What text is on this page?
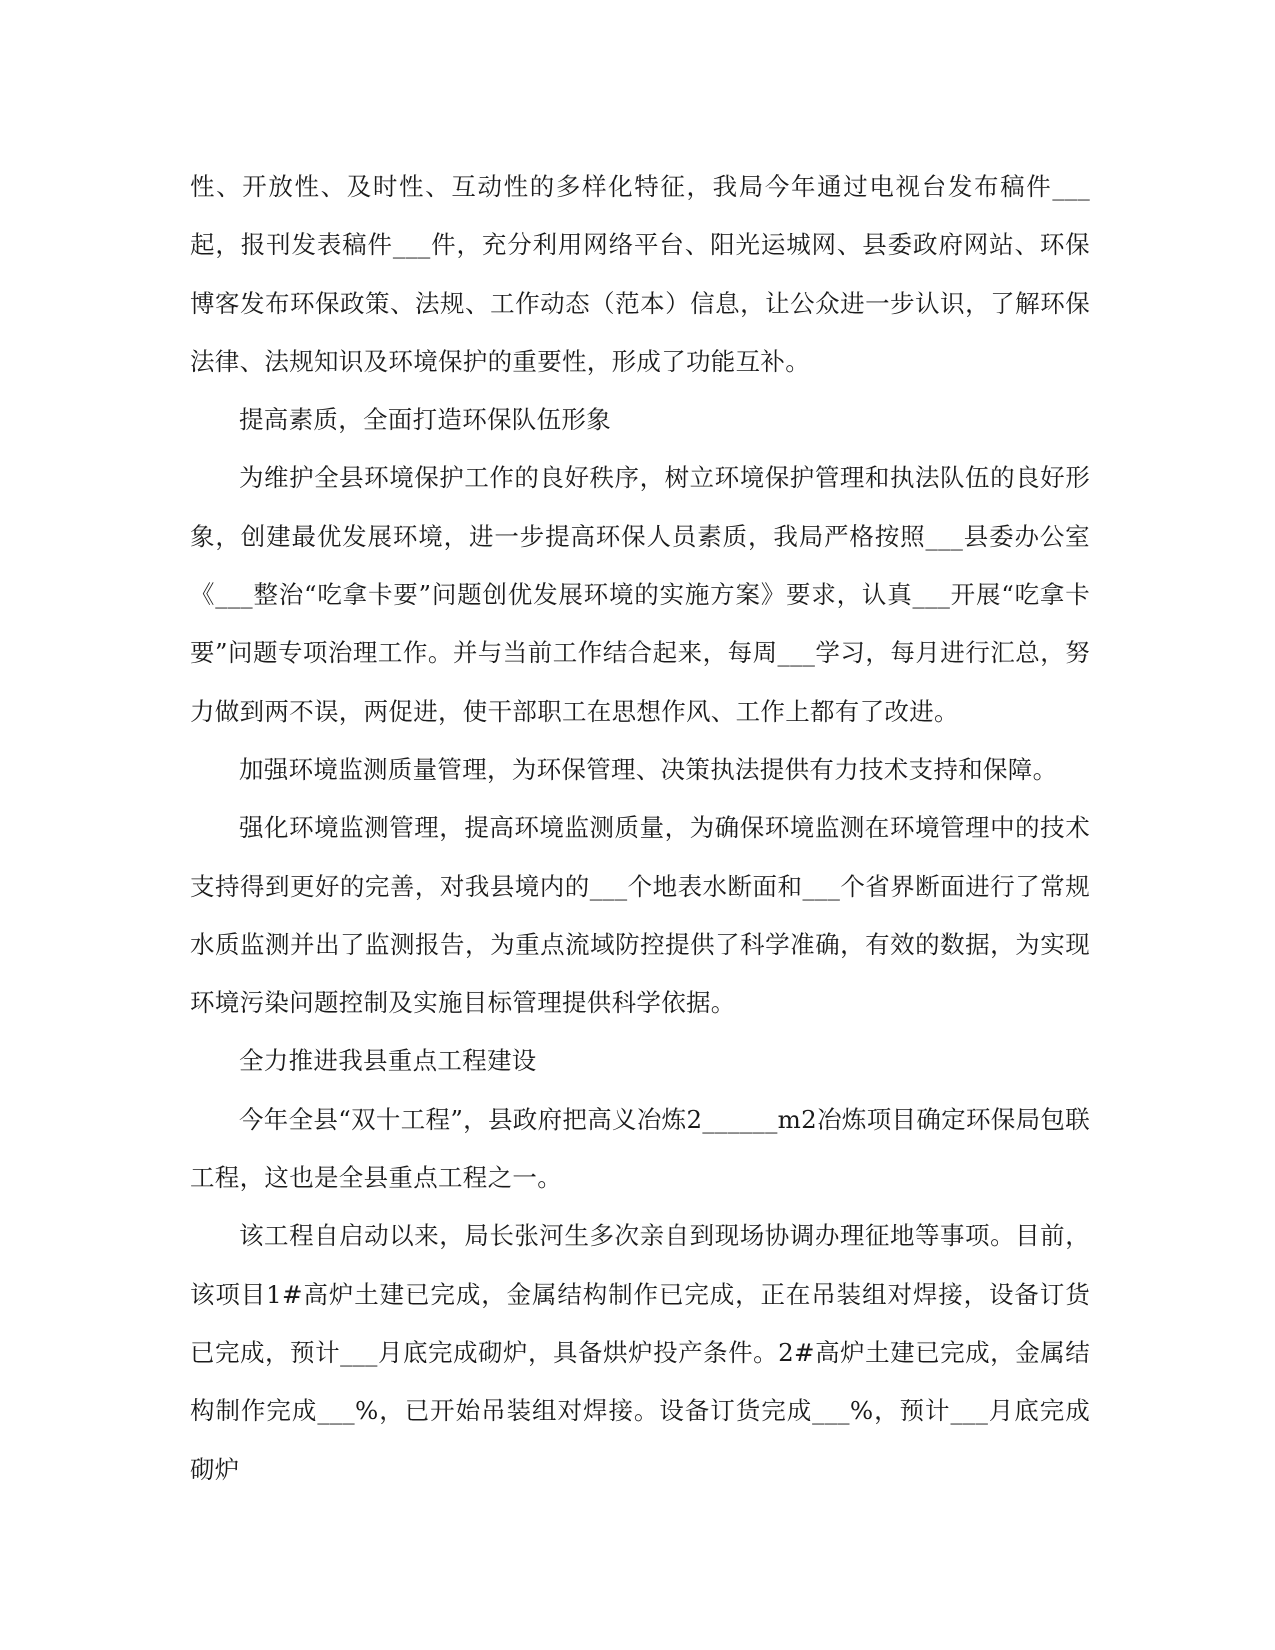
性、开放性、及时性、互动性的多样化特征，我局今年通过电视台发布稿件___起，报刊发表稿件___件，充分利用网络平台、阳光运城网、县委政府网站、环保博客发布环保政策、法规、工作动态（范本）信息，让公众进一步认识，了解环保法律、法规知识及环境保护的重要性，形成了功能互补。

提高素质，全面打造环保队伍形象

为维护全县环境保护工作的良好秩序，树立环境保护管理和执法队伍的良好形象，创建最优发展环境，进一步提高环保人员素质，我局严格按照___县委办公室《___整治“吃拿卡要”问题创优发展环境的实施方案》要求，认真___开展“吃拿卡要”问题专项治理工作。并与当前工作结合起来，每周___学习，每月进行汇总，努力做到两不误，两促进，使干部职工在思想作风、工作上都有了改进。

加强环境监测质量管理，为环保管理、决策执法提供有力技术支持和保障。

强化环境监测管理，提高环境监测质量，为确保环境监测在环境管理中的技术支持得到更好的完善，对我县境内的___个地表水断面和___个省界断面进行了常规水质监测并出了监测报告，为重点流域防控提供了科学准确，有效的数据，为实现环境污染问题控制及实施目标管理提供科学依据。

全力推进我县重点工程建设

今年全县“双十工程”，县政府把高义冶炼2______m2冶炼项目确定环保局包联工程，这也是全县重点工程之一。

该工程自启动以来，局长张河生多次亲自到现场协调办理征地等事项。目前，该项目1#高炉土建已完成，金属结构制作已完成，正在吊装组对焊接，设备订货已完成，预计___月底完成砌炉，具备烘炉投产条件。2#高炉土建已完成，金属结构制作完成___%，已开始吊装组对焊接。设备订货完成___%，预计___月底完成砌炉
